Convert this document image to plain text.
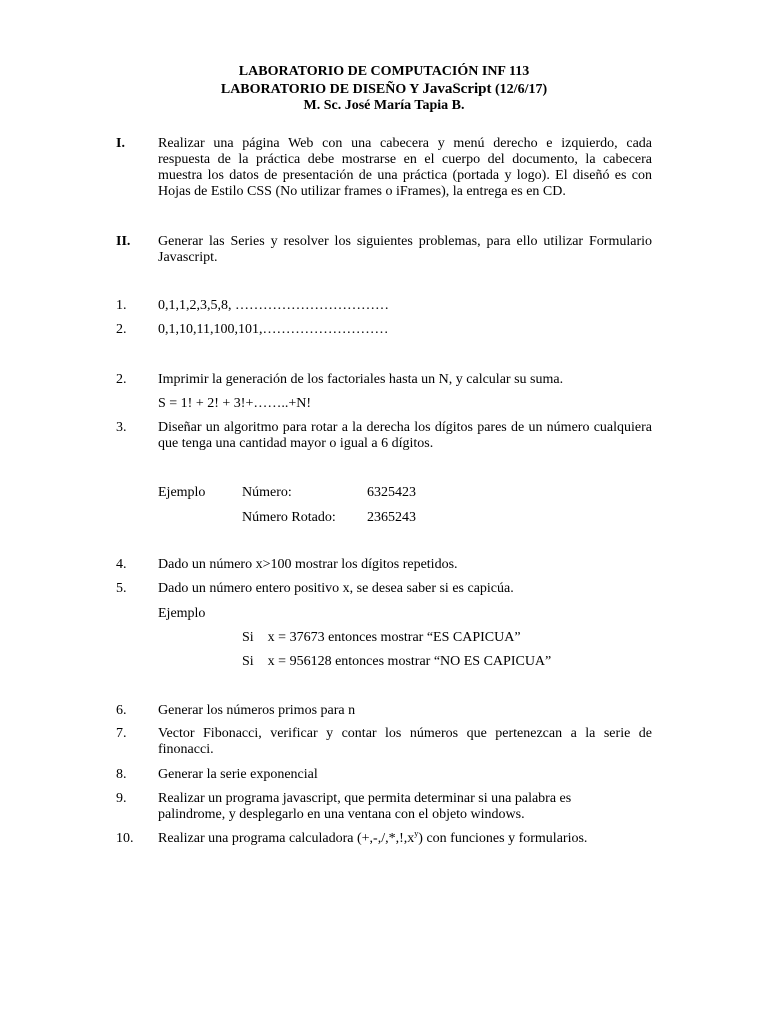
LABORATORIO DE COMPUTACIÓN INF 113
LABORATORIO DE DISEÑO Y JavaScript (12/6/17)
M. Sc. José María Tapia B.
I. Realizar una página Web con una cabecera y menú derecho e izquierdo, cada
respuesta de la práctica debe mostrarse en el cuerpo del documento, la cabecera
muestra los datos de presentación de una práctica (portada y logo). El diseñó es con
Hojas de Estilo CSS (No utilizar frames o iFrames), la entrega es en CD.
II. Generar las Series y resolver los siguientes problemas, para ello utilizar Formulario
Javascript.
1. 0,1,1,2,3,5,8, ……………………………
2. 0,1,10,11,100,101,………………………
2. Imprimir la generación de los factoriales hasta un N, y calcular su suma.
S = 1! + 2! + 3!+……..+N!
3. Diseñar un algoritmo para rotar a la derecha los dígitos pares de un número cualquiera
que tenga una cantidad mayor o igual a 6 dígitos.
Ejemplo	Número:	6325423
Número Rotado: 2365243
4. Dado un número x>100 mostrar los dígitos repetidos.
5. Dado un número entero positivo x, se desea saber si es capicúa.
Ejemplo
Si    x = 37673 entonces mostrar “ES CAPICUA”
Si    x = 956128 entonces mostrar “NO ES CAPICUA”
6. Generar los números primos para n
7. Vector Fibonacci, verificar y contar los números que pertenezcan a la serie de
finonacci.
8. Generar la serie exponencial
9. Realizar un programa javascript, que permita determinar si una palabra es
palindrome, y desplegarlo en una ventana con el objeto windows.
10. Realizar una programa calculadora $(+,-,/,*,!,x^y)$ con funciones y formularios.
